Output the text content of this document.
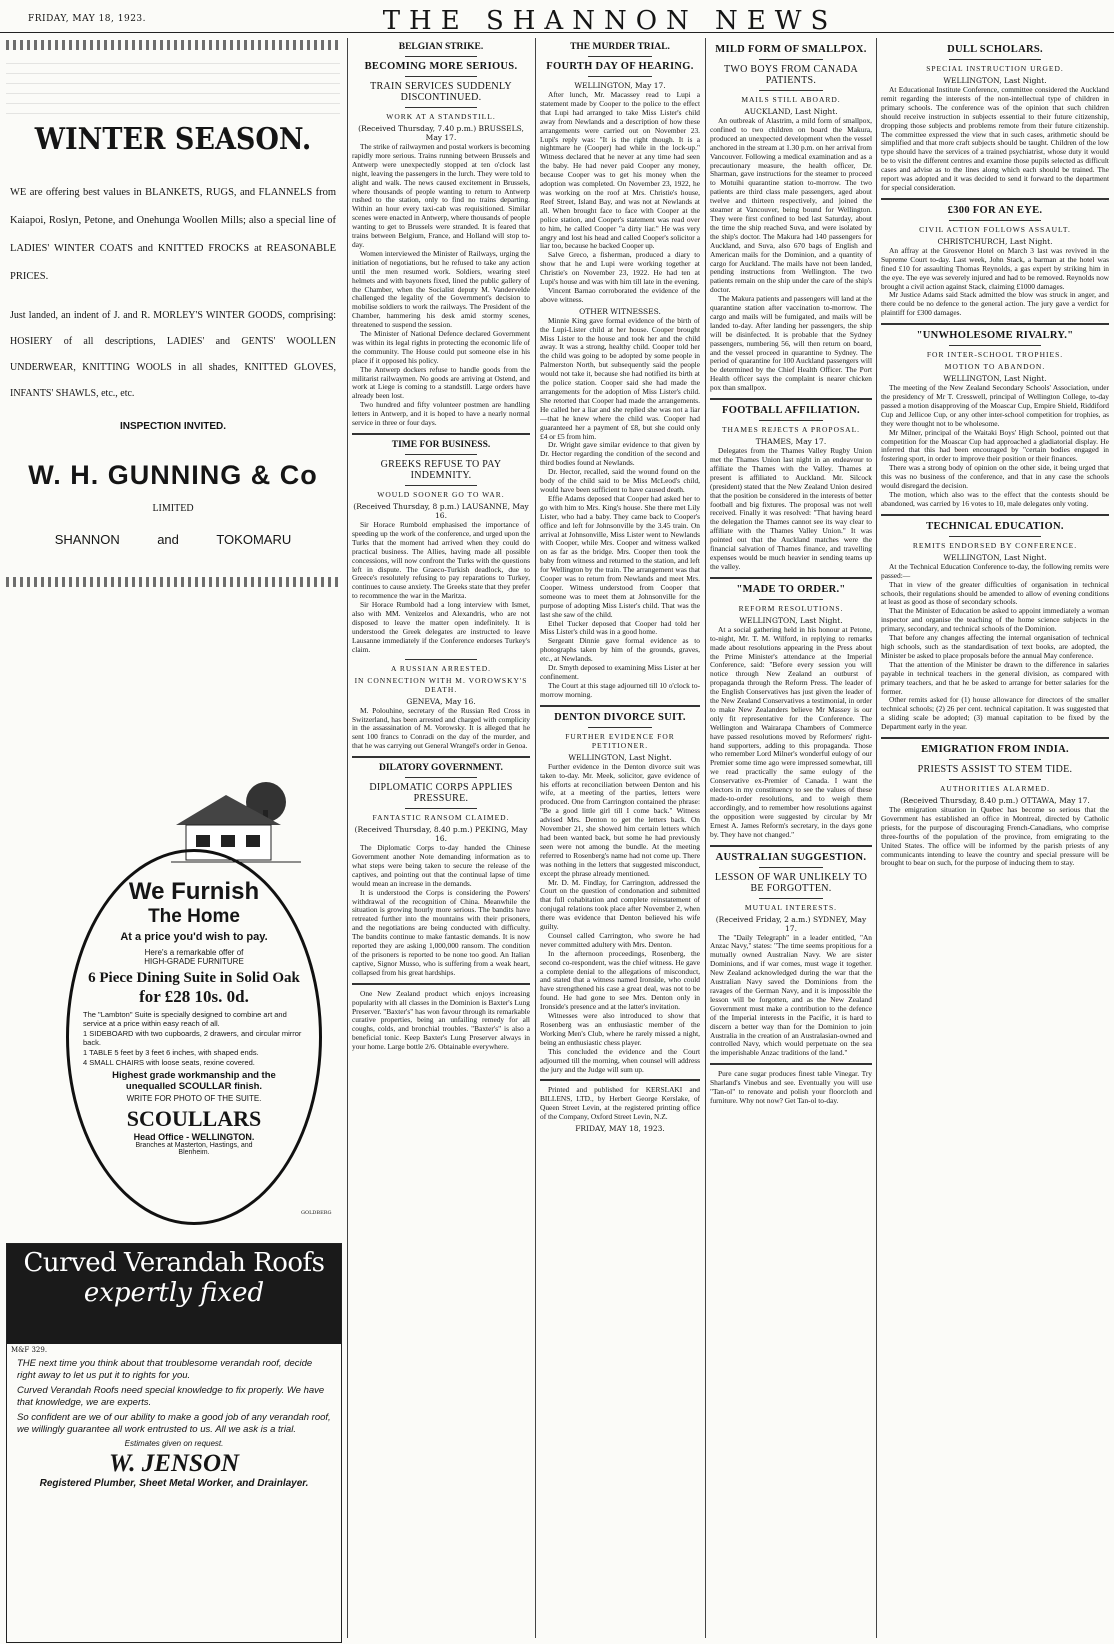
FRIDAY, MAY 18, 1923.	THE SHANNON NEWS
WINTER SEASON.
WE are offering best values in BLANKETS, RUGS, and FLANNELS from Kaiapoi, Roslyn, Petone, and Onehunga Woollen Mills; also a special line of LADIES' WINTER COATS and KNITTED FROCKS at REASONABLE PRICES.
Just landed, an indent of J. and R. MORLEY'S WINTER GOODS, comprising: HOSIERY of all descriptions, LADIES' and GENTS' WOOLLEN UNDERWEAR, KNITTING WOOLS in all shades, KNITTED GLOVES, INFANTS' SHAWLS, etc., etc.
INSPECTION INVITED.
W. H. GUNNING & Co
LIMITED
SHANNON	and	TOKOMARU
We Furnish
The Home
At a price you'd wish to pay.
Here's a remarkable offer of
HIGH-GRADE FURNITURE
6 Piece Dining Suite in Solid Oak
for £28 10s. 0d.
The "Lambton" Suite is specially designed to combine art and service at a price within easy reach of all.
1 SIDEBOARD with two cupboards, 2 drawers, and circular mirror back.
1 TABLE 5 feet by 3 feet 6 inches, with shaped ends.
4 SMALL CHAIRS with loose seats, rexine covered.
Highest grade workmanship and the unequalled SCOULLAR finish.
WRITE FOR PHOTO OF THE SUITE.
SCOULLARS
Head Office - WELLINGTON.
Branches at Masterton, Hastings, and Blenheim.
GOLDBERG
Curved Verandah Roofs
expertly fixed
M&F 329.
THE next time you think about that troublesome verandah roof, decide right away to let us put it to rights for you.
Curved Verandah Roofs need special knowledge to fix properly. We have that knowledge, we are experts.
So confident are we of our ability to make a good job of any verandah roof, we willingly guarantee all work entrusted to us. All we ask is a trial.
Estimates given on request.
W. JENSON
Registered Plumber, Sheet Metal Worker, and Drainlayer.
BELGIAN STRIKE.
BECOMING MORE SERIOUS.
TRAIN SERVICES SUDDENLY DISCONTINUED.
WORK AT A STANDSTILL.
(Received Thursday, 7.40 p.m.) BRUSSELS, May 17.

The strike of railwaymen and postal workers is becoming rapidly more serious. Trains running between Brussels and Antwerp were unexpectedly stopped at ten o'clock last night, leaving the passengers in the lurch. They were told to alight and walk. The news caused excitement in Brussels, where thousands of people wanting to return to Antwerp rushed to the station, only to find no trains departing. Within an hour every taxi-cab was requisitioned. Similar scenes were enacted in Antwerp, where thousands of people wanting to get to Brussels were stranded. It is feared that trains between Belgium, France, and Holland will stop to-day.

Women interviewed the Minister of Railways, urging the initiation of negotiations, but he refused to take any action until the men resumed work. Soldiers, wearing steel helmets and with bayonets fixed, lined the public gallery of the Chamber, when the Socialist deputy M. Vandervelde challenged the legality of the Government's decision to mobilise soldiers to work the railways. The President of the Chamber, hammering his desk amid stormy scenes, threatened to suspend the session.

The Minister of National Defence declared Government was within its legal rights in protecting the economic life of the community. The House could put someone else in his place if it opposed his policy.

The Antwerp dockers refuse to handle goods from the militarist railwaymen. No goods are arriving at Ostend, and work at Liege is coming to a standstill. Large orders have already been lost.

Two hundred and fifty volunteer postmen are handling letters in Antwerp, and it is hoped to have a nearly normal service in three or four days.

TIME FOR BUSINESS.
GREEKS REFUSE TO PAY INDEMNITY.
WOULD SOONER GO TO WAR.
(Received Thursday, 8 p.m.) LAUSANNE, May 16.

Sir Horace Rumbold emphasised the importance of speeding up the work of the conference, and urged upon the Turks that the moment had arrived when they could do practical business. The Allies, having made all possible concessions, will now confront the Turks with the questions left in dispute. The Graeco-Turkish deadlock, due to Greece's resolutely refusing to pay reparations to Turkey, continues to cause anxiety. The Greeks state that they prefer to recommence the war in the Maritza.

Sir Horace Rumbold had a long interview with Ismet, also with MM. Venizelos and Alexandris, who are not disposed to leave the matter open indefinitely. It is understood the Greek delegates are instructed to leave Lausanne immediately if the Conference endorses Turkey's claim.

A RUSSIAN ARRESTED.
IN CONNECTION WITH M. VOROWSKY'S DEATH.
GENEVA, May 16.

M. Polouhine, secretary of the Russian Red Cross in Switzerland, has been arrested and charged with complicity in the assassination of M. Vorowsky. It is alleged that he sent 100 francs to Conradi on the day of the murder, and that he was carrying out General Wrangel's order in Genoa.

DILATORY GOVERNMENT.
DIPLOMATIC CORPS APPLIES PRESSURE.
FANTASTIC RANSOM CLAIMED.
(Received Thursday, 8.40 p.m.) PEKING, May 16.

The Diplomatic Corps to-day handed the Chinese Government another Note demanding information as to what steps were being taken to secure the release of the captives, and pointing out that the continual lapse of time would mean an increase in the demands.

It is understood the Corps is considering the Powers' withdrawal of the recognition of China. Meanwhile the situation is growing hourly more serious. The bandits have retreated further into the mountains with their prisoners, and the negotiations are being conducted with difficulty. The bandits continue to make fantastic demands. It is now reported they are asking 1,000,000 ransom. The condition of the prisoners is reported to be none too good. An Italian captive, Signor Musso, who is suffering from a weak heart, collapsed from his great hardships.

One New Zealand product which enjoys increasing popularity with all classes in the Dominion is Baxter's Lung Preserver. "Baxter's" has won favour through its remarkable curative properties, being an unfailing remedy for all coughs, colds, and bronchial troubles. "Baxter's" is also a beneficial tonic. Keep Baxter's Lung Preserver always in your home. Large bottle 2/6. Obtainable everywhere.

THE MURDER TRIAL.
FOURTH DAY OF HEARING.
WELLINGTON, May 17.

After lunch, Mr. Macassey read to Lupi a statement made by Cooper to the police to the effect that Lupi had arranged to take Miss Lister's child away from Newlands and a description of how these arrangements were carried out on November 23. Lupi's reply was: "It is the right though. It is a nightmare he (Cooper) had while in the lock-up." Witness declared that he never at any time had seen the baby. He had never paid Cooper any money, because Cooper was to get his money when the adoption was completed. On November 23, 1922, he was working on the roof at Mrs. Christie's house, Reef Street, Island Bay, and was not at Newlands at all. When brought face to face with Cooper at the police station, and Cooper's statement was read over to him, he called Cooper "a dirty liar." He was very angry and lost his head and called Cooper's solicitor a liar too, because he backed Cooper up.

Salve Greco, a fisherman, produced a diary to show that he and Lupi were working together at Christie's on November 23, 1922. He had ten at Lupi's house and was with him till late in the evening.

Vincent Barnao corroborated the evidence of the above witness.

OTHER WITNESSES.

Minnie King gave formal evidence of the birth of the Lupi-Lister child at her house. Cooper brought Miss Lister to the house and took her and the child away. It was a strong, healthy child. Cooper told her the child was going to be adopted by some people in Palmerston North, but subsequently said the people would not take it, because she had notified its birth at the police station. Cooper said she had made the arrangements for the adoption of Miss Lister's child. She retorted that Cooper had made the arrangements. He called her a liar and she replied she was not a liar—that he knew where the child was. Cooper had guaranteed her a payment of £8, but she could only £4 or £5 from him.

Dr. Wright gave similar evidence to that given by Dr. Hector regarding the condition of the second and third bodies found at Newlands.

Dr. Hector, recalled, said the wound found on the body of the child said to be Miss McLeod's child, would have been sufficient to have caused death.

Effie Adams deposed that Cooper had asked her to go with him to Mrs. King's house. She there met Lily Lister, who had a baby. They came back to Cooper's office and left for Johnsonville by the 3.45 train. On arrival at Johnsonville, Miss Lister went to Newlands with Cooper, while Mrs. Cooper and witness walked on as far as the bridge. Mrs. Cooper then took the baby from witness and returned to the station, and left for Wellington by the train. The arrangement was that Cooper was to return from Newlands and meet Mrs. Cooper. Witness understood from Cooper that someone was to meet them at Johnsonville for the purpose of adopting Miss Lister's child. That was the last she saw of the child.

Ethel Tucker deposed that Cooper had told her Miss Lister's child was in a good home.

Sergeant Dinnie gave formal evidence as to photographs taken by him of the grounds, graves, etc., at Newlands.

Dr. Smyth deposed to examining Miss Lister at her confinement.

The Court at this stage adjourned till 10 o'clock to-morrow morning.

DENTON DIVORCE SUIT.
FURTHER EVIDENCE FOR PETITIONER.
WELLINGTON, Last Night.

Further evidence in the Denton divorce suit was taken to-day. Mr. Meek, solicitor, gave evidence of his efforts at reconciliation between Denton and his wife, at a meeting of the parties, letters were produced. One from Carrington contained the phrase: "Be a good little girl till I come back." Witness advised Mrs. Denton to get the letters back. On November 21, she showed him certain letters which had been wanted back, but some he had previously seen were not among the bundle. At the meeting referred to Rosenberg's name had not come up. There was nothing in the letters that suggested misconduct, except the phrase already mentioned.

Mr. D. M. Findlay, for Carrington, addressed the Court on the question of condonation and submitted that full cohabitation and complete reinstatement of conjugal relations took place after November 2, when there was evidence that Denton believed his wife guilty.

Counsel called Carrington, who swore he had never committed adultery with Mrs. Denton.

In the afternoon proceedings, Rosenberg, the second co-respondent, was the chief witness. He gave a complete denial to the allegations of misconduct, and stated that a witness named Ironside, who could have strengthened his case a great deal, was not to be found. He had gone to see Mrs. Denton only in Ironside's presence and at the latter's invitation.

Witnesses were also introduced to show that Rosenberg was an enthusiastic member of the Working Men's Club, where he rarely missed a night, being an enthusiastic chess player.

This concluded the evidence and the Court adjourned till the morning, when counsel will address the jury and the Judge will sum up.

Printed and published for KERSLAKI and BILLENS, LTD., by Herbert George Kerslake, of Queen Street Levin, at the registered printing office of the Company, Oxford Street Levin, N.Z.

FRIDAY, MAY 18, 1923.
MILD FORM OF SMALLPOX.
TWO BOYS FROM CANADA PATIENTS.
MAILS STILL ABOARD.
AUCKLAND, Last Night.

An outbreak of Alastrim, a mild form of smallpox, confined to two children on board the Makura, produced an unexpected development when the vessel anchored in the stream at 1.30 p.m. on her arrival from Vancouver. Following a medical examination and as a precautionary measure, the health officer, Dr. Sharman, gave instructions for the steamer to proceed to Motuihi quarantine station to-morrow. The two patients are third class male passengers, aged about twelve and thirteen respectively, and joined the steamer at Vancouver, being bound for Wellington. They were first confined to bed last Saturday, about the time the ship reached Suva, and were isolated by the ship's doctor. The Makura had 140 passengers for Auckland, and Suva, also 670 bags of English and American mails for the Dominion, and a quantity of cargo for Auckland. The mails have not been landed, pending instructions from Wellington. The two patients remain on the ship under the care of the ship's doctor.

The Makura patients and passengers will land at the quarantine station after vaccination to-morrow. The cargo and mails will be fumigated, and mails will be landed to-day. After landing her passengers, the ship will be disinfected. It is probable that the Sydney passengers, numbering 56, will then return on board, and the vessel proceed in quarantine to Sydney. The period of quarantine for 100 Auckland passengers will be determined by the Chief Health Officer. The Port Health officer says the complaint is nearer chicken pox than smallpox.

FOOTBALL AFFILIATION.
THAMES REJECTS A PROPOSAL.
THAMES, May 17.

Delegates from the Thames Valley Rugby Union met the Thames Union last night in an endeavour to affiliate the Thames with the Valley. Thames at present is affiliated to Auckland. Mr. Silcock (president) stated that the New Zealand Union desired that the position be considered in the interests of better football and big fixtures. The proposal was not well received. Finally it was resolved: "That having heard the delegation the Thames cannot see its way clear to affiliate with the Thames Valley Union." It was pointed out that the Auckland matches were the financial salvation of Thames finance, and travelling expenses would be much heavier in sending teams up the valley.

"MADE TO ORDER."
REFORM RESOLUTIONS.
WELLINGTON, Last Night.

At a social gathering held in his honour at Petone, to-night, Mr. T. M. Wilford, in replying to remarks made about resolutions appearing in the Press about the Prime Minister's attendance at the Imperial Conference, said: "Before every session you will notice through New Zealand an outburst of propaganda through the Reform Press. The leader of the English Conservatives has just given the leader of the New Zealand Conservatives a testimonial, in order to make New Zealanders believe Mr Massey is our only fit representative for the Conference. The Wellington and Wairarapa Chambers of Commerce have passed resolutions moved by Reformers' right-hand supporters, adding to this propaganda. Those who remember Lord Milner's wonderful eulogy of our Premier some time ago were impressed somewhat, till we read practically the same eulogy of the Conservative ex-Premier of Canada. I want the electors in my constituency to see the values of these made-to-order resolutions, and to weigh them accordingly, and to remember how resolutions against the opposition were suggested by circular by Mr Ernest A. James Reform's secretary, in the days gone by. They have not changed."

AUSTRALIAN SUGGESTION.
LESSON OF WAR UNLIKELY TO BE FORGOTTEN.
MUTUAL INTERESTS.
(Received Friday, 2 a.m.) SYDNEY, May 17.

The "Daily Telegraph" in a leader entitled, "An Anzac Navy," states: "The time seems propitious for a mutually owned Australian Navy. We are sister Dominions, and if war comes, must wage it together. New Zealand acknowledged during the war that the Australian Navy saved the Dominions from the ravages of the German Navy, and it is impossible the lesson will be forgotten, and as the New Zealand Government must make a contribution to the defence of the Imperial interests in the Pacific, it is hard to discern a better way than for the Dominion to join Australia in the creation of an Australasian-owned and controlled Navy, which would perpetuate on the sea the imperishable Anzac traditions of the land."

Pure cane sugar produces finest table Vinegar. Try Sharland's Vinebus and see. Eventually you will use "Tan-ol" to renovate and polish your floorcloth and furniture. Why not now? Get Tan-ol to-day.

DULL SCHOLARS.
SPECIAL INSTRUCTION URGED.
WELLINGTON, Last Night.

At Educational Institute Conference, committee considered the Auckland remit regarding the interests of the non-intellectual type of children in primary schools. The conference was of the opinion that such children should receive instruction in subjects essential to their future citizenship, dropping those subjects and problems remote from their future citizenship. The committee expressed the view that in such cases, arithmetic should be simplified and that more craft subjects should be taught. Children of the low type should have the services of a trained psychiatrist, whose duty it would be to visit the different centres and examine those pupils selected as difficult cases and advise as to the lines along which each should be trained. The report was adopted and it was decided to send it forward to the department for special consideration.

£300 FOR AN EYE.
CIVIL ACTION FOLLOWS ASSAULT.
CHRISTCHURCH, Last Night.

An affray at the Grosvenor Hotel on March 3 last was revived in the Supreme Court to-day. Last week, John Stack, a barman at the hotel was fined £10 for assaulting Thomas Reynolds, a gas expert by striking him in the eye. The eye was severely injured and had to be removed. Reynolds now brought a civil action against Stack, claiming £1000 damages.

Mr Justice Adams said Stack admitted the blow was struck in anger, and there could be no defence to the general action. The jury gave a verdict for plaintiff for £300 damages.

"UNWHOLESOME RIVALRY."
FOR INTER-SCHOOL TROPHIES.
MOTION TO ABANDON.
WELLINGTON, Last Night.

The meeting of the New Zealand Secondary Schools' Association, under the presidency of Mr T. Cresswell, principal of Wellington College, to-day passed a motion disapproving of the Moascar Cup, Empire Shield, Riddiford Cup and Jellicoe Cup, or any other inter-school competition for trophies, as they were thought not to be wholesome.

Mr Milner, principal of the Waitaki Boys' High School, pointed out that competition for the Moascar Cup had approached a gladiatorial display. He inferred that this had been encouraged by "certain bodies engaged in fostering sport, in order to improve their position or their finances.

There was a strong body of opinion on the other side, it being urged that this was no business of the conference, and that in any case the schools would disregard the decision.

The motion, which also was to the effect that the contests should be abandoned, was carried by 16 votes to 10, male delegates only voting.

TECHNICAL EDUCATION.
REMITS ENDORSED BY CONFERENCE.
WELLINGTON, Last Night.

At the Technical Education Conference to-day, the following remits were passed:—

That in view of the greater difficulties of organisation in technical schools, their regulations should be amended to allow of evening conditions at least as good as those of secondary schools.

That the Minister of Education be asked to appoint immediately a woman inspector and organise the teaching of the home science subjects in the primary, secondary, and technical schools of the Dominion.

That before any changes affecting the internal organisation of technical high schools, such as the standardisation of text books, are adopted, the Minister be asked to place proposals before the annual May conference.

That the attention of the Minister be drawn to the difference in salaries payable in technical teachers in the general division, as compared with primary teachers, and that he be asked to arrange for better salaries for the former.

Other remits asked for (1) house allowance for directors of the smaller technical schools; (2) 26 per cent. technical capitation. It was suggested that a sliding scale be adopted; (3) manual capitation to be fixed by the Department early in the year.

EMIGRATION FROM INDIA.
PRIESTS ASSIST TO STEM TIDE.
AUTHORITIES ALARMED.
(Received Thursday, 8.40 p.m.) OTTAWA, May 17.

The emigration situation in Quebec has become so serious that the Government has established an office in Montreal, directed by Catholic priests, for the purpose of discouraging French-Canadians, who comprise three-fourths of the population of the province, from emigrating to the United States. The office will be informed by the parish priests of any communicants intending to leave the country and special pressure will be brought to bear on such, for the purpose of inducing them to stay.
